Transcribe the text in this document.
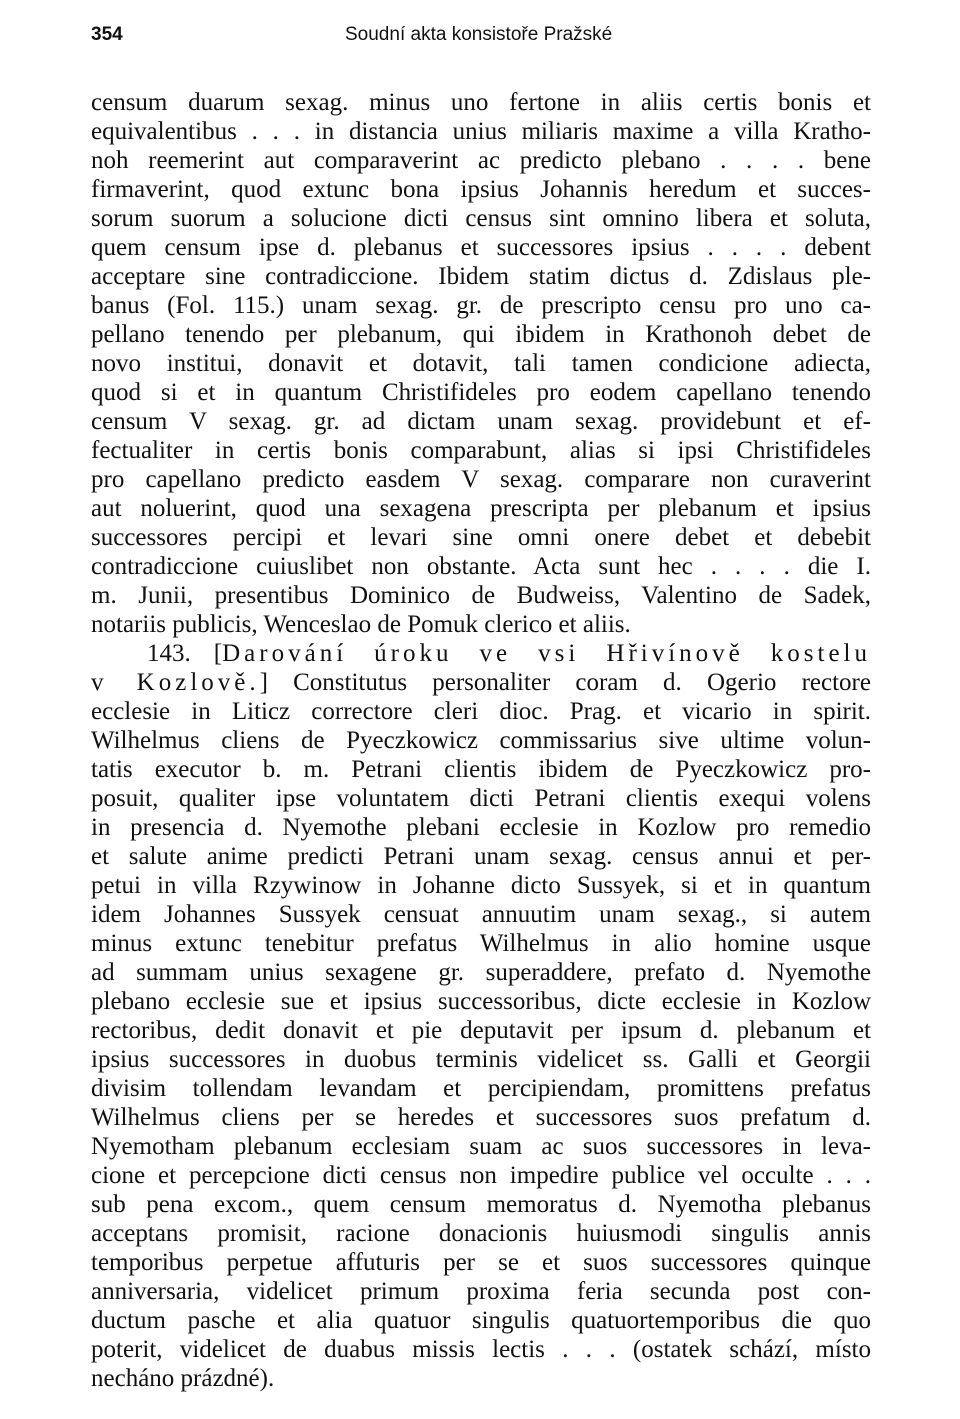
354	Soudní akta konsistoře Pražské
censum duarum sexag. minus uno fertone in aliis certis bonis et
equivalentibus . . . in distancia unius miliaris maxime a villa Kratho-
noh reemerint aut comparaverint ac predicto plebano . . . . bene
firmaverint, quod extunc bona ipsius Johannis heredum et succes-
sorum suorum a solucione dicti census sint omnino libera et soluta,
quem censum ipse d. plebanus et successores ipsius . . . . debent
acceptare sine contradiccione. Ibidem statim dictus d. Zdislaus ple-
banus (Fol. 115.) unam sexag. gr. de prescripto censu pro uno ca-
pellano tenendo per plebanum, qui ibidem in Krathonoh debet de
novo institui, donavit et dotavit, tali tamen condicione adiecta,
quod si et in quantum Christifideles pro eodem capellano tenendo
censum V sexag. gr. ad dictam unam sexag. providebunt et ef-
fectualiter in certis bonis comparabunt, alias si ipsi Christifideles
pro capellano predicto easdem V sexag. comparare non curaverint
aut noluerint, quod una sexagena prescripta per plebanum et ipsius
successores percipi et levari sine omni onere debet et debebit
contradiccione cuiuslibet non obstante. Acta sunt hec . . . . die I.
m. Junii, presentibus Dominico de Budweiss, Valentino de Sadek,
notariis publicis, Wenceslao de Pomuk clerico et aliis.
143. [Darování úroku ve vsi Hřivínově kostelu
v Kozlově.] Constitutus personaliter coram d. Ogerio rectore
ecclesie in Liticz correctore cleri dioc. Prag. et vicario in spirit.
Wilhelmus cliens de Pyeczkowicz commissarius sive ultime volun-
tatis executor b. m. Petrani clientis ibidem de Pyeczkowicz pro-
posuit, qualiter ipse voluntatem dicti Petrani clientis exequi volens
in presencia d. Nyemothe plebani ecclesie in Kozlow pro remedio
et salute anime predicti Petrani unam sexag. census annui et per-
petui in villa Rzywinow in Johanne dicto Sussyek, si et in quantum
idem Johannes Sussyek censuat annuutim unam sexag., si autem
minus extunc tenebitur prefatus Wilhelmus in alio homine usque
ad summam unius sexagene gr. superaddere, prefato d. Nyemothe
plebano ecclesie sue et ipsius successoribus, dicte ecclesie in Kozlow
rectoribus, dedit donavit et pie deputavit per ipsum d. plebanum et
ipsius successores in duobus terminis videlicet ss. Galli et Georgii
divisim tollendam levandam et percipiendam, promittens prefatus
Wilhelmus cliens per se heredes et successores suos prefatum d.
Nyemotham plebanum ecclesiam suam ac suos successores in leva-
cione et percepcione dicti census non impedire publice vel occulte . . .
sub pena excom., quem censum memoratus d. Nyemotha plebanus
acceptans promisit, racione donacionis huiusmodi singulis annis
temporibus perpetue affuturis per se et suos successores quinque
anniversaria, videlicet primum proxima feria secunda post con-
ductum pasche et alia quatuor singulis quatuortemporibus die quo
poterit, videlicet de duabus missis lectis . . . (ostatek schází, místo
necháno prázdné).
